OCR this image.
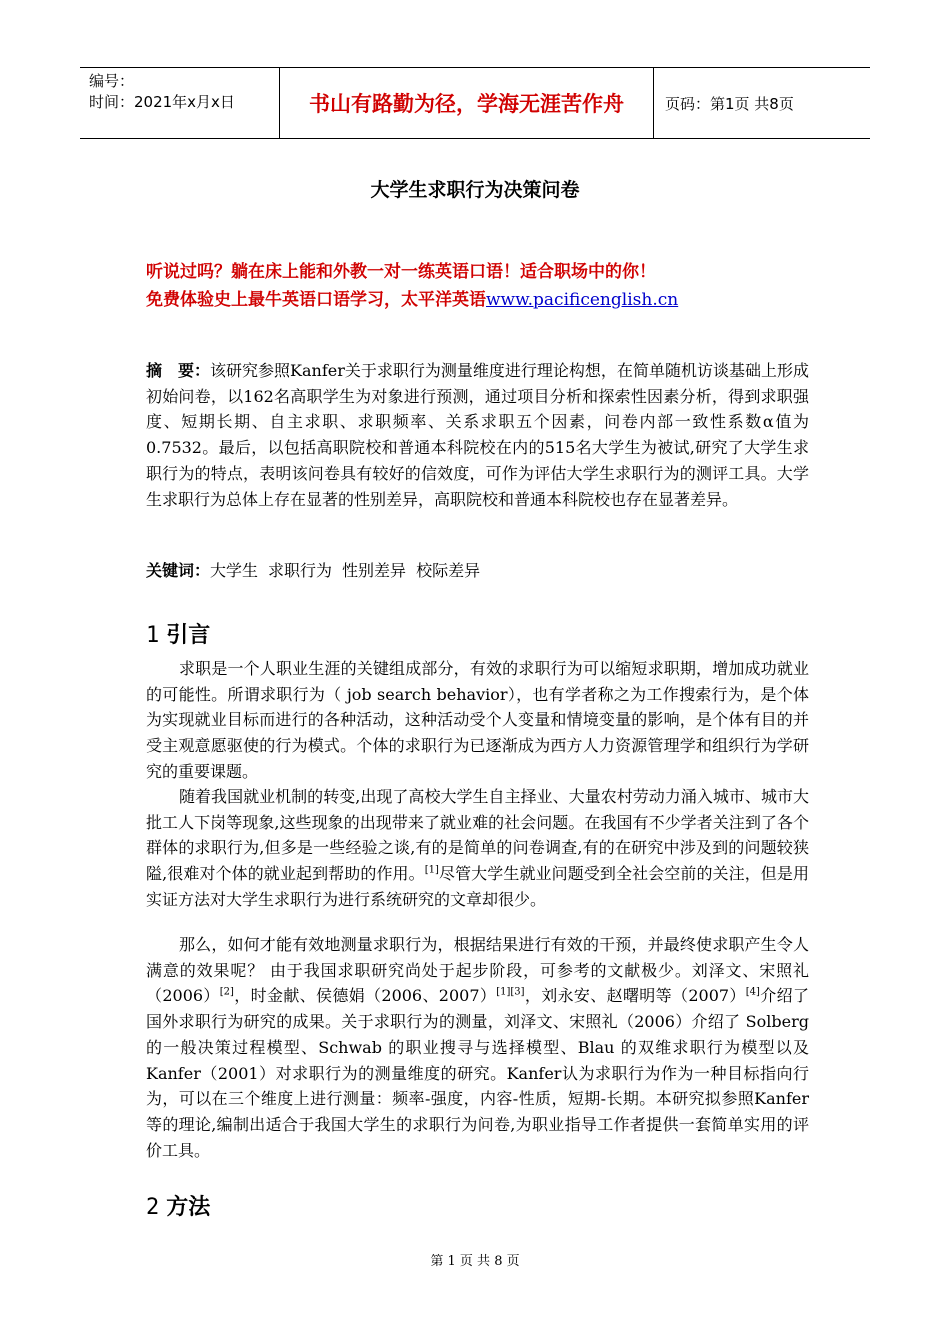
编号：
时间：2021年x月x日	书山有路勤为径，学海无涯苦作舟	页码：第1页 共8页
大学生求职行为决策问卷
听说过吗？躺在床上能和外教一对一练英语口语！适合职场中的你！
免费体验史上最牛英语口语学习，太平洋英语www.pacificenglish.cn

摘　要：该研究参照Kanfer关于求职行为测量维度进行理论构想，在简单随机访谈基础上形成初始问卷，以162名高职学生为对象进行预测，通过项目分析和探索性因素分析，得到求职强度、短期长期、自主求职、求职频率、关系求职五个因素，问卷内部一致性系数α值为 0.7532。最后，以包括高职院校和普通本科院校在内的515名大学生为被试,研究了大学生求职行为的特点，表明该问卷具有较好的信效度，可作为评估大学生求职行为的测评工具。大学生求职行为总体上存在显著的性别差异，高职院校和普通本科院校也存在显著差异。

关键词：大学生 求职行为 性别差异 校际差异

1 引言

求职是一个人职业生涯的关键组成部分，有效的求职行为可以缩短求职期，增加成功就业的可能性。所谓求职行为（ job search behavior），也有学者称之为工作搜索行为，是个体为实现就业目标而进行的各种活动，这种活动受个人变量和情境变量的影响，是个体有目的并受主观意愿驱使的行为模式。个体的求职行为已逐渐成为西方人力资源管理学和组织行为学研究的重要课题。

随着我国就业机制的转变,出现了高校大学生自主择业、大量农村劳动力涌入城市、城市大批工人下岗等现象,这些现象的出现带来了就业难的社会问题。在我国有不少学者关注到了各个群体的求职行为,但多是一些经验之谈,有的是简单的问卷调查,有的在研究中涉及到的问题较狭隘,很难对个体的就业起到帮助的作用。[1]尽管大学生就业问题受到全社会空前的关注，但是用实证方法对大学生求职行为进行系统研究的文章却很少。

那么，如何才能有效地测量求职行为，根据结果进行有效的干预，并最终使求职产生令人满意的效果呢？ 由于我国求职研究尚处于起步阶段，可参考的文献极少。刘泽文、宋照礼（2006）[2]，时金献、侯德娟（2006、2007）[1][3]，刘永安、赵曙明等（2007）[4]介绍了国外求职行为研究的成果。关于求职行为的测量，刘泽文、宋照礼（2006）介绍了 Solberg 的一般决策过程模型、Schwab 的职业搜寻与选择模型、Blau 的双维求职行为模型以及Kanfer（2001）对求职行为的测量维度的研究。Kanfer认为求职行为作为一种目标指向行为，可以在三个维度上进行测量：频率-强度，内容-性质，短期-长期。本研究拟参照Kanfer等的理论,编制出适合于我国大学生的求职行为问卷,为职业指导工作者提供一套简单实用的评价工具。

2 方法
第 1 页 共 8 页
